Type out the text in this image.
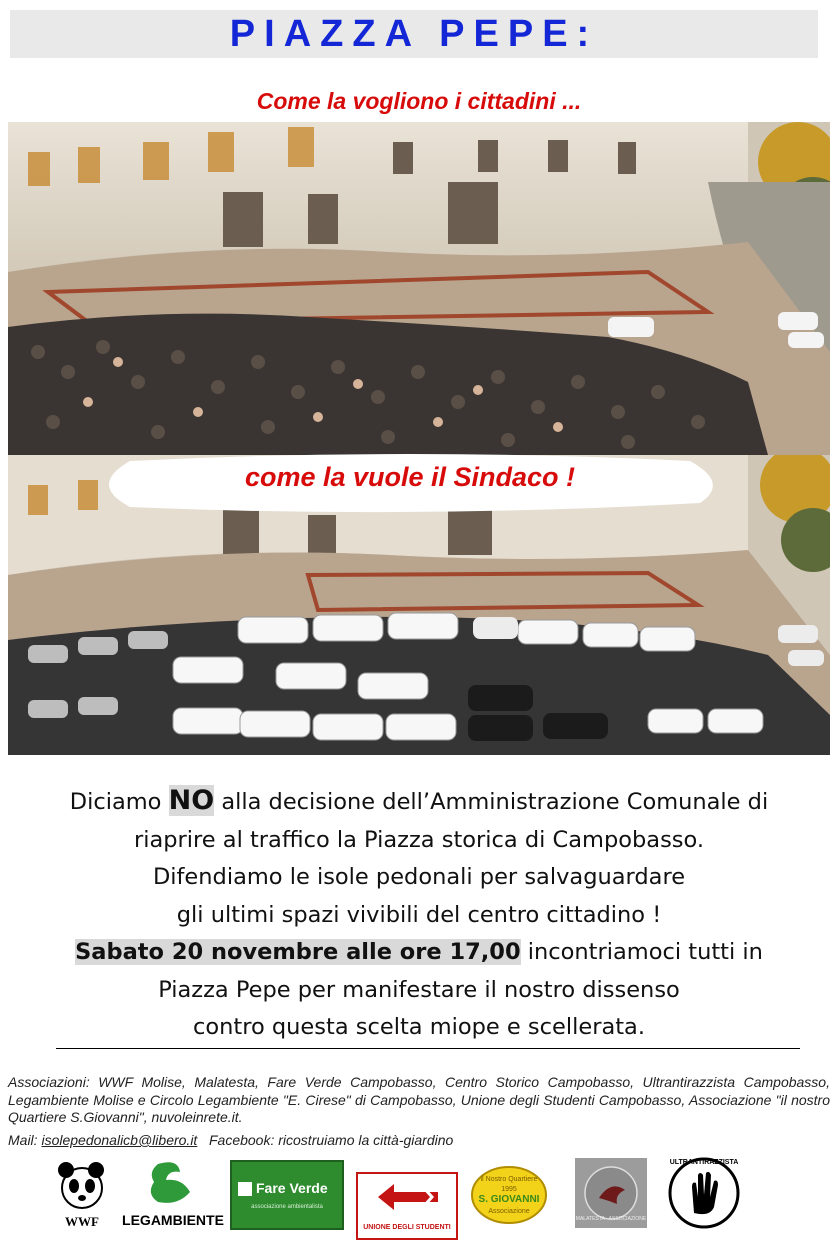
PIAZZA PEPE:
Come la vogliono i cittadini ...
come la vuole il Sindaco !
Diciamo NO alla decisione dell’Amministrazione Comunale di
riaprire al traffico la Piazza storica di Campobasso.
Difendiamo le isole pedonali per salvaguardare
gli ultimi spazi vivibili del centro cittadino !
Sabato 20 novembre alle ore 17,00 incontriamoci tutti in
Piazza Pepe per manifestare il nostro dissenso
contro questa scelta miope e scellerata.
Associazioni: WWF Molise, Malatesta, Fare Verde Campobasso, Centro Storico Campobasso, Ultrantirazzista Campobasso, Legambiente Molise e Circolo Legambiente "E. Cirese" di Campobasso, Unione degli Studenti Campobasso, Associazione "il nostro Quartiere S.Giovanni", nuvoleinrete.it.
Mail: isolepedonalicb@libero.it Facebook: ricostruiamo la città-giardino
WWF	LEGAMBIENTE
Fare Verde
associazione ambientalista
UNIONE DEGLI STUDENTI
il Nostro Quartiere
1995
S. GIOVANNI
Associazione
MALATESTA · ASSOCIAZIONE
ULTRANTIRAZZISTA
